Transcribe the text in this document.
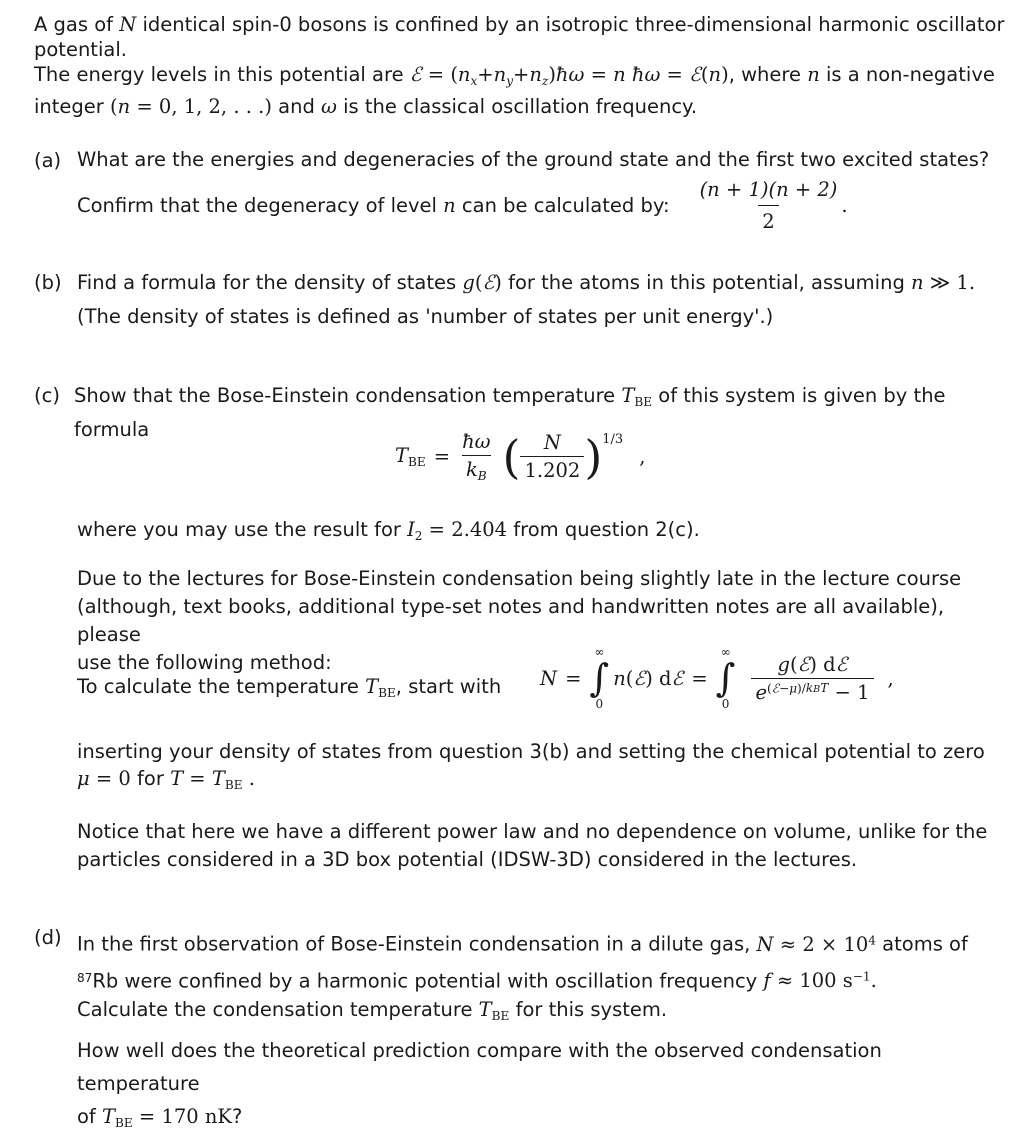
A gas of N identical spin-0 bosons is confined by an isotropic three-dimensional harmonic oscillator
potential.
The energy levels in this potential are ℰ = $(n_x+n_y+n_z)ħ\omega = n$ ħω = ℰ(n), where n is a non-negative
integer (n = 0, 1, 2, . . .) and ω is the classical oscillation frequency.
(a) What are the energies and degeneracies of the ground state and the first two excited states?
Confirm that the degeneracy of level n can be calculated by: $\frac{(n + 1)(n + 2)}{2}$ .
(b) Find a formula for the density of states g(ℰ) for the atoms in this potential, assuming n ≫ 1.
(The density of states is defined as 'number of states per unit energy'.)
(c) Show that the Bose-Einstein condensation temperature $T_{BE}$ of this system is given by the formula
$T_{BE} = \frac{ħ\omega}{k_B}$ ( $\frac{N}{1.202}$ ) 1/3
,
where you may use the result for $I_2 = 2.404$ from question 2(c).
Due to the lectures for Bose-Einstein condensation being slightly late in the lecture course
(although, text books, additional type-set notes and handwritten notes are all available), please
use the following method:
To calculate the temperature $T_{BE}$, start with	N =
∞
∫
0
n(ℰ) dℰ =
∞
∫
0
$\frac{\text{g(ℰ) dℰ}}{e^{(ℰ-\mu)/kBT} - 1}$ ,
inserting your density of states from question 3(b) and setting the chemical potential to zero
μ = 0 for $T = T_{BE}$ .
Notice that here we have a different power law and no dependence on volume, unlike for the
particles considered in a 3D box potential (IDSW-3D) considered in the lectures.
(d) In the first observation of Bose-Einstein condensation in a dilute gas, $N \approx 2 \times 10^4$ atoms of
$^{87}$Rb were confined by a harmonic potential with oscillation frequency f ≈ 100 $s^{-1}$.
Calculate the condensation temperature $T_{BE}$ for this system.
How well does the theoretical prediction compare with the observed condensation temperature
of $T_{BE} = 170$ nK?
